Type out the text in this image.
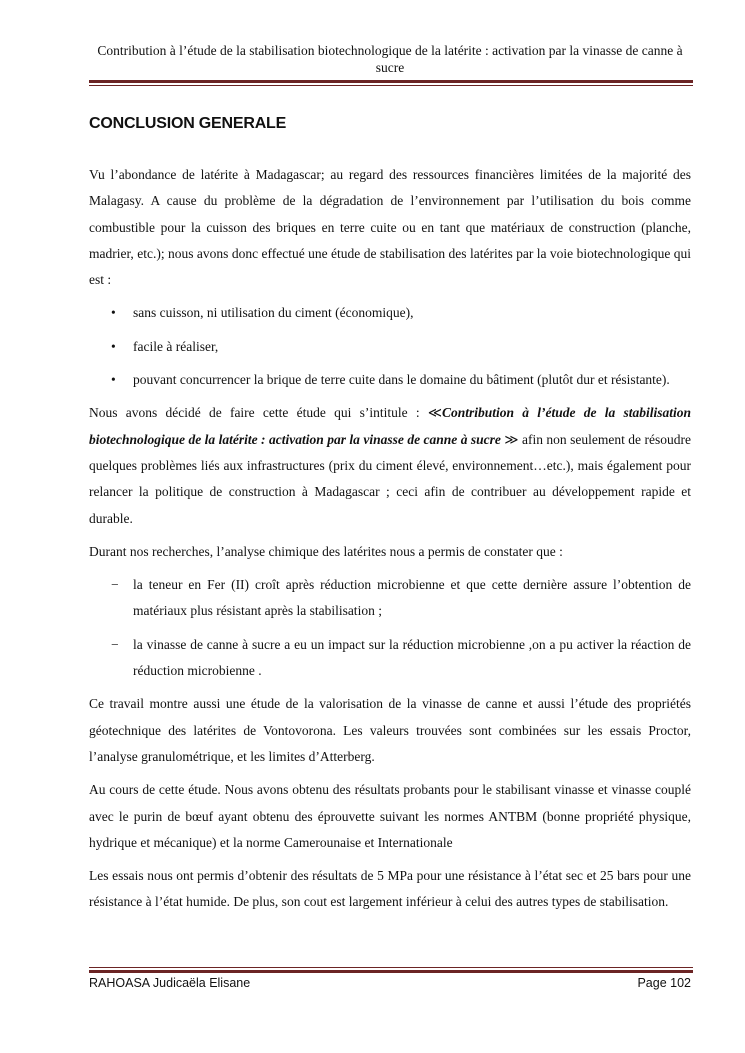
Contribution à l’étude de la stabilisation biotechnologique de la latérite : activation par la vinasse de canne à sucre
CONCLUSION GENERALE

Vu l’abondance de latérite à Madagascar; au regard des ressources financières limitées de la majorité des Malagasy. A cause du problème de la dégradation de l’environnement par l’utilisation du bois comme combustible pour la cuisson des briques en terre cuite ou en tant que matériaux de construction (planche, madrier, etc.); nous avons donc effectué une étude de stabilisation des latérites par la voie biotechnologique qui est :

• sans cuisson, ni utilisation du ciment (économique),
• facile à réaliser,
• pouvant concurrencer la brique de terre cuite dans le domaine du bâtiment (plutôt dur et résistante).

Nous avons décidé de faire cette étude qui s’intitule : ≪Contribution à l’étude de la stabilisation biotechnologique de la latérite : activation par la vinasse de canne à sucre ≫ afin non seulement de résoudre quelques problèmes liés aux infrastructures (prix du ciment élevé, environnement…etc.), mais également pour relancer la politique de construction à Madagascar ; ceci afin de contribuer au développement rapide et durable.

Durant nos recherches, l’analyse chimique des latérites nous a permis de constater que :

− la teneur en Fer (II) croît après réduction microbienne et que cette dernière assure l’obtention de matériaux plus résistant après la stabilisation ;
− la vinasse de canne à sucre a eu un impact sur la réduction microbienne ,on a pu activer la réaction de réduction microbienne .

Ce travail montre aussi une étude de la valorisation de la vinasse de canne et aussi l’étude des propriétés géotechnique des latérites de Vontovorona. Les valeurs trouvées sont combinées sur les essais Proctor, l’analyse granulométrique, et les limites d’Atterberg.

Au cours de cette étude. Nous avons obtenu des résultats probants pour le stabilisant vinasse et vinasse couplé avec le purin de bœuf ayant obtenu des éprouvette suivant les normes ANTBM (bonne propriété physique, hydrique et mécanique) et la norme Camerounaise et Internationale

Les essais nous ont permis d’obtenir des résultats de 5 MPa pour une résistance à l’état sec et 25 bars pour une résistance à l’état humide. De plus, son cout est largement inférieur à celui des autres types de stabilisation.

RAHOASA Judicaëla Elisane	Page 102
